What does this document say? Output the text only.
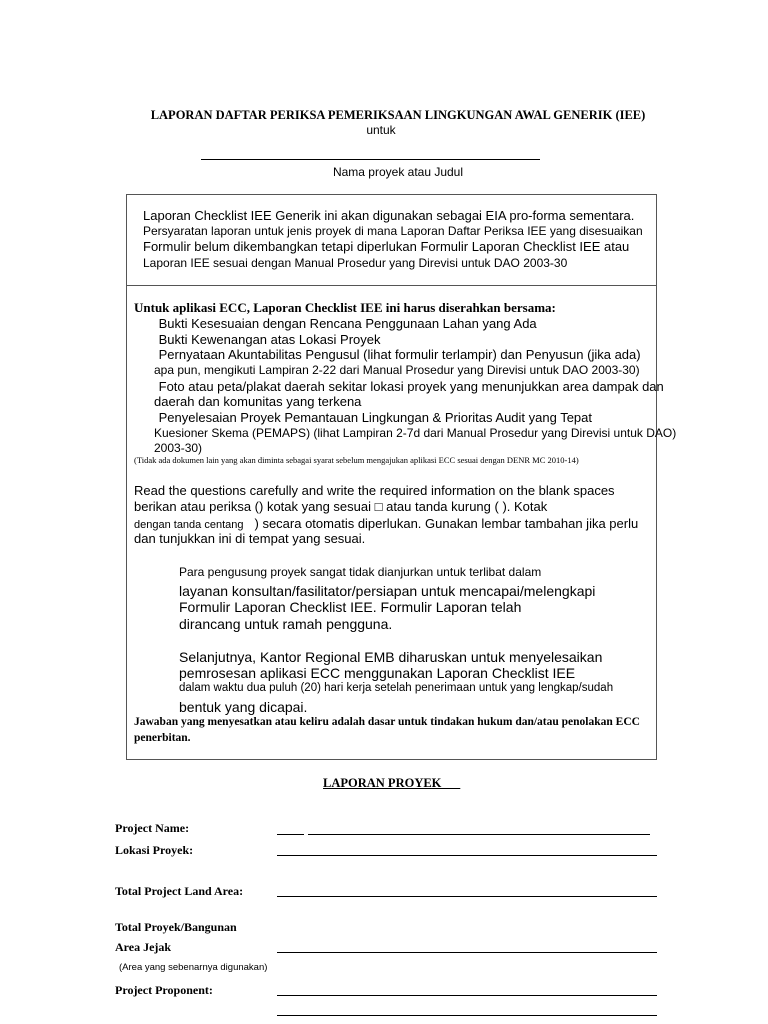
LAPORAN DAFTAR PERIKSA PEMERIKSAAN LINGKUNGAN AWAL GENERIK (IEE)
untuk
Nama proyek atau Judul
Laporan Checklist IEE Generik ini akan digunakan sebagai EIA pro-forma sementara.
Persyaratan laporan untuk jenis proyek di mana Laporan Daftar Periksa IEE yang disesuaikan
Formulir belum dikembangkan tetapi diperlukan Formulir Laporan Checklist IEE atau
Laporan IEE sesuai dengan Manual Prosedur yang Direvisi untuk DAO 2003-30
Untuk aplikasi ECC, Laporan Checklist IEE ini harus diserahkan bersama:
Bukti Kesesuaian dengan Rencana Penggunaan Lahan yang Ada
Bukti Kewenangan atas Lokasi Proyek
Pernyataan Akuntabilitas Pengusul (lihat formulir terlampir) dan Penyusun (jika ada)
apa pun, mengikuti Lampiran 2-22 dari Manual Prosedur yang Direvisi untuk DAO 2003-30)
Foto atau peta/plakat daerah sekitar lokasi proyek yang menunjukkan area dampak dan
daerah dan komunitas yang terkena
Penyelesaian Proyek Pemantauan Lingkungan & Prioritas Audit yang Tepat
Kuesioner Skema (PEMAPS) (lihat Lampiran 2-7d dari Manual Prosedur yang Direvisi untuk DAO)
2003-30)
(Tidak ada dokumen lain yang akan diminta sebagai syarat sebelum mengajukan aplikasi ECC sesuai dengan DENR MC 2010-14)
Read the questions carefully and write the required information on the blank spaces
berikan atau periksa () kotak yang sesuai □ atau tanda kurung ( ). Kotak
dengan tanda centang ) secara otomatis diperlukan. Gunakan lembar tambahan jika perlu
dan tunjukkan ini di tempat yang sesuai.
Para pengusung proyek sangat tidak dianjurkan untuk terlibat dalam
layanan konsultan/fasilitator/persiapan untuk mencapai/melengkapi
Formulir Laporan Checklist IEE. Formulir Laporan telah
dirancang untuk ramah pengguna.
Selanjutnya, Kantor Regional EMB diharuskan untuk menyelesaikan
pemrosesan aplikasi ECC menggunakan Laporan Checklist IEE
dalam waktu dua puluh (20) hari kerja setelah penerimaan untuk yang lengkap/sudah
bentuk yang dicapai.
Jawaban yang menyesatkan atau keliru adalah dasar untuk tindakan hukum dan/atau penolakan ECC
penerbitan.
LAPORAN PROYEK___
Project Name:
Lokasi Proyek:
Total Project Land Area:
Total Proyek/Bangunan
Area Jejak
(Area yang sebenarnya digunakan)
Project Proponent:
